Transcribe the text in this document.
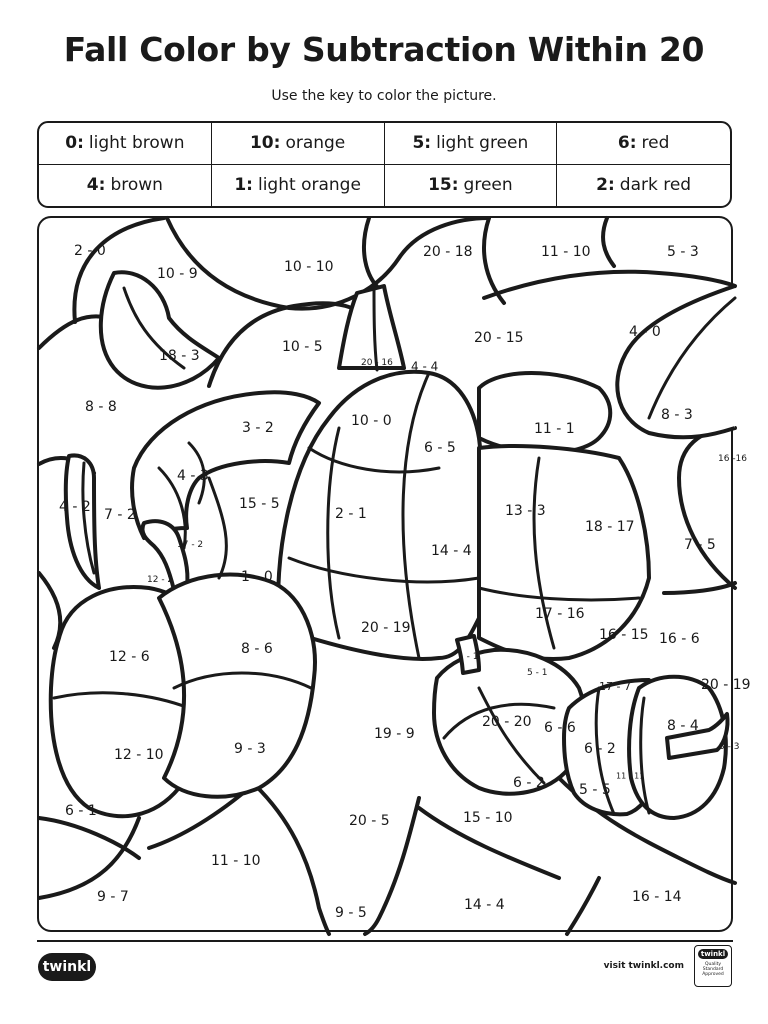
Fall Color by Subtraction Within 20
Use the key to color the picture.
0: light brown	10: orange	5: light green	6: red
4: brown	1: light orange	15: green	2: dark red
2 - 0
10 - 9	10 - 10
20 - 18	11 - 10	5 - 3
18 - 3
10 - 5
20 - 16 4 - 4
20 - 15	4 - 0
8 - 8
3 - 2	10 - 0
6 - 5
11 - 1
8 - 3
16 -16
4 - 3
4 - 2 7 - 2
15 - 5
2 - 1	13 - 3
18 - 17
7 - 5
17 - 2	14 - 4
12 - 2	1 - 0
17 - 16
20 - 19	16 - 15 16 - 6
8 - 6
12 - 6	1 - 1
5 - 1
17 - 7	20 - 19
20 - 20 6 - 6	8 - 4
19 - 9
9 - 3	6 - 2	3 - 3
12 - 10
6 - 2	11 - 11
5 - 5
6 - 1
20 - 5	15 - 10
11 - 10
16 - 14
9 - 7	14 - 4
9 - 5
twinkl	visit twinkl.com
twinkl
Quality Standard Approved
